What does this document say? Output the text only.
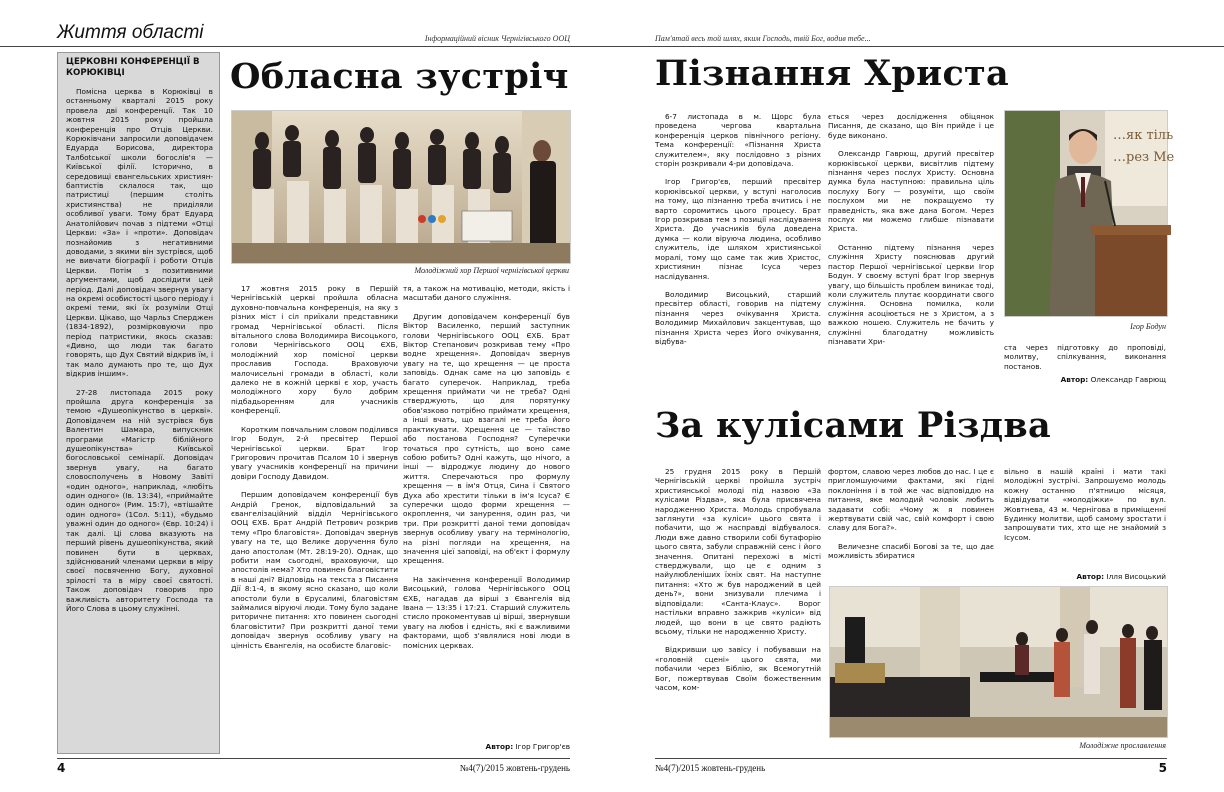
Життя області	Інформаційний вісник Чернігівського ООЦ
ЦЕРКОВНІ КОНФЕРЕНЦІЇ В КОРЮКІВЦІ

Помісна церква в Корюківці в останньому кварталі 2015 року провела дві конференції. Так 10 жовтня 2015 року пройшла конференція про Отців Церкви. Корюківчани запросили доповідачем Едуарда Борисова, директора Талбоtської школи богослів'я — Київської філії. Історично, в середовищі євангельських християн-баптистів склалося так, що патристиці (першим століть християнства) не приділяли особливої уваги. Тому брат Едуард Анатолійович почав з підтеми «Отці Церкви: «За» і «проти». Доповідач познайомив з негативними доводами, з якими він зустрівся, щоб не вивчати біографії і роботи Отців Церкви. Потім з позитивними аргументами, щоб дослідити цей період. Далі доповідач звернув увагу на окремі особистості цього періоду і окремі теми, які їх розуміли Отці Церкви. Цікаво, що Чарльз Сперджен (1834-1892), розмірковуючи про період патристики, якось сказав: «Дивно, що люди так багато говорять, що Дух Святий відкрив їм, і так мало думають про те, що Дух відкрив іншим».

27-28 листопада 2015 року пройшла друга конференція за темою «Душеопікунство в церкві». Доповідачем на ній зустрівся був Валентин Шамара, випускник програми «Магістр біблійного душеопікунства» Київської богословської семінарії. Доповідач звернув увагу, на багато словосполучень в Новому Завіті «один одного», наприклад, «любіть один одного» (Ів. 13:34), «приймайте один одного» (Рим. 15:7), «втішайте один одного» (1Сол. 5:11), «будьмо уважні один до одного» (Євр. 10:24) і так далі. Ці слова вказують на перший рівень душеопікунства, який повинен бути в церквах, здійснюваний членами церкви в міру своєї посвяченню Богу, духовної зрілості та в міру своєї святості. Також доповідач говорив про важливість авторитету Господа та Його Слова в цьому служінні.

Обласна зустріч
Молодіжний хор Першої чернігівської церкви

17 жовтня 2015 року в Першій Чернігівській церкві пройшла обласна духовно-повчальна конференція, на яку з різних міст і сіл приїхали представники громад Чернігівської області. Після вітального слова Володимира Висоцького, голови Чернігівського ООЦ ЄХБ, молодіжний хор помісної церкви прославив Господа. Враховуючи малочисельні громади в області, коли далеко не в кожній церкві є хор, участь молодіжного хору було добрим підбадьоренням для учасників конференції.

Коротким повчальним словом поділився Ігор Бодун, 2-й пресвітер Першої Чернігівської церкви. Брат Ігор Григорович прочитав Псалом 10 і звернув увагу учасників конференції на причини довіри Господу Давидом.

Першим доповідачем конференції був Андрій Гренок, відповідальний за євангелізаційний відділ Чернігівського ООЦ ЄХБ. Брат Андрій Петрович розкрив тему «Про благовістя». Доповідач звернув увагу на те, що Велике доручення було дано апостолам (Мт. 28:19-20). Однак, що робити нам сьогодні, враховуючи, що апостолів нема? Хто повинен благовістити в наші дні? Відповідь на текста з Писання Дії 8:1-4, в якому ясно сказано, що коли апостоли були в Єрусалимі, благовістям займалися віруючі люди. Тому було задане риторичне питання: хто повинен сьогодні благовістити? При розкритті даної теми доповідач звернув особливу увагу на цінність Євангелія, на особисте благовіс-

тя, а також на мотивацію, методи, якість і масштаби даного служіння.

Другим доповідачем конференції був Віктор Василенко, перший заступник голови Чернігівського ООЦ ЄХБ. Брат Віктор Степанович розкривав тему «Про водне хрещення». Доповідач звернув увагу на те, що хрещення — це проста заповідь. Однак саме на цю заповідь є багато суперечок. Наприклад, треба хрещення приймати чи не треба? Одні стверджують, що для порятунку обов'язково потрібно приймати хрещення, а інші вчать, що взагалі не треба його практикувати. Хрещення це — таїнство або постанова Господня? Суперечки точаться про сутність, що воно саме собою робить? Одні кажуть, що нічого, а інші — відроджує людину до нового життя. Сперечаються про формулу хрещення — в ім'я Отця, Сина і Святого Духа або хрестити тільки в ім'я Ісуса? Є суперечки щодо форми хрещення — окроплення, чи занурення, один раз, чи три. При розкритті даної теми доповідач звернув особливу увагу на термінологію, на різні погляди на хрещення, на значення цієї заповіді, на об'єкт і формулу хрещення.

На закінчення конференції Володимир Висоцький, голова Чернігівського ООЦ ЄХБ, нагадав да вірші з Євангелія від Івана — 13:35 і 17:21. Старший служитель стисло прокоментував ці вірші, звернувши увагу на любов і єдність, які є важливими факторами, щоб з'являлися нові люди в помісних церквах.

Автор: Ігор Григор'єв
4	№4(7)/2015 жовтень-грудень
Пам'ятай весь той шлях, яким Господь, твій Бог, водив тебе...
Пізнання Христа

6-7 листопада в м. Щорс була проведена чергова квартальна конференція церков північного регіону. Тема конференції: «Пізнання Христа служителем», яку послідовно з різних сторін розкривали 4-ри доповідача.

Ігор Григор'єв, перший пресвітер корюківської церкви, у вступі наголосив на тому, що пізнанню треба вчитись і не варто соромитись цього процесу. Брат Ігор розкривав тем з позиції наслідування Христа. До учасників була доведена думка — коли віруюча людина, особливо служитель, іде шляхом християнської моралі, тому що саме так жив Христос, християнин пізнає Ісуса через наслідування.

Володимир Висоцький, старший пресвітер області, говорив на підтему пізнання через очікування Христа. Володимир Михайлович закцентував, що пізнання Христа через Його очікування, відбува-

ється через дослідження обіцянок Писання, де сказано, що Він прийде і це буде виконано.

Олександр Гаврющ, другий пресвітер корюківської церкви, висвітлив підтему пізнання через послух Христу. Основна думка була наступною: правильна ціль послуху Богу — розуміти, що своїм послухом ми не покращуємо ту праведність, яка вже дана Богом. Через послух ми можемо глибше пізнавати Христа.

Останню підтему пізнання через служіння Христу пояснював другий пастор Першої чернігівської церкви Ігор Бодун. У своєму вступі брат Ігор звернув увагу, що більшість проблем виникає тоді, коли служитель плутає координати свого служіння. Основна помилка, коли служіння асоціюється не з Христом, а з важкою ношею. Служитель не бачить у служінні благодатну можливість пізнавати Хри-

…як тіль
…рез Ме
Ігор Бодун

ста через підготовку до проповіді, молитву, спілкування, виконання постанов.

Автор: Олександр Гаврющ
За кулісами Різдва

25 грудня 2015 року в Першій Чернігівській церкві пройшла зустріч християнської молоді під назвою «За кулісами Різдва», яка була присвячена народженню Христа. Молодь спробувала заглянути «за куліси» цього свята і побачити, що ж насправді відбувалося. Люди вже давно створили собі бутафорію цього свята, забули справжній сенс і його значення. Опитані перехожі в місті стверджували, що це є одним з найулюбленіших їхніх свят. На наступне питання: «Хто ж був народжений в цей день?», вони знизували плечима і відповідали: «Санта-Клаус». Ворог настільки вправно зажкрив «куліси» від людей, що вони в це свято радіють всьому, тільки не народженню Христу.

Відкривши цю завісу і побувавши на «головній сцені» цього свята, ми побачили через Біблію, як Всемогутній Бог, пожертвував Своїм божественним часом, ком-

фортом, славою через любов до нас. І це є пригломшуючими фактами, які гідні поклоніння і в той же час відповіддю на питання, яке молодий чоловік любить задавати собі: «Чому ж я повинен жертвувати свій час, свій комфорт і свою славу для Бога?».

Величезне спасибі Богові за те, що дає можливість збиратися

вільно в нашій країні і мати такі молодіжні зустрічі. Запрошуємо молодь кожну останню п'ятницю місяця, відвідувати «молодіжки» по вул. Жовтнева, 43 м. Чернігова в приміщенні Будинку молитви, щоб самому зростати і запрошувати тих, хто ще не знайомий з Ісусом.

Автор: Ілля Висоцький
Молодіжне прославлення
№4(7)/2015 жовтень-грудень	5
